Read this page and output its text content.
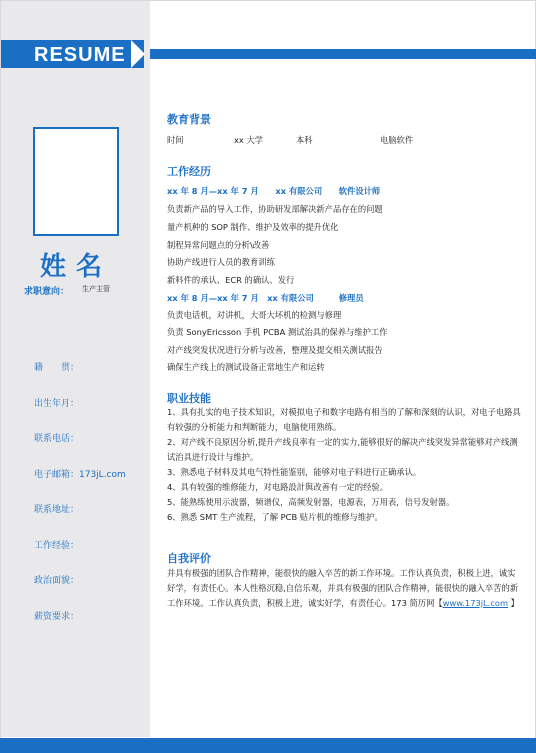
RESUME
姓名
求职意向： 生产主管
籍　　贯：
出生年月：
联系电话：
电子邮箱：173jL.com
联系地址：
工作经验：
政治面貌：
薪资要求：
教育背景
时间	xx 大学	本科	电脑软件
工作经历
xx 年 8 月—xx 年 7 月　　xx 有限公司　　软件设计师
负责新产品的导入工作，协助研发部解决新产品存在的问题
量产机种的 SOP 制作、维护及效率的提升优化
制程异常问题点的分析\改善
协助产线进行人员的教育训练
新料件的承认、ECR 的确认、发行
xx 年 8 月—xx 年 7 月　xx 有限公司　　　修理员
负责电话机，对讲机，大哥大坏机的检测与修理
负责 SonyEricsson 手机 PCBA 测试治具的保养与维护工作
对产线突发状况进行分析与改善，整理及提交相关测试报告
确保生产线上的测试设备正常地生产和运转
职业技能
1、具有扎实的电子技术知识，对模拟电子和数字电路有相当的了解和深刻的认识，对电子电路具有较强的分析能力和判断能力，电脑使用熟练。
2、对产线不良原因分析,提升产线良率有一定的实力,能够很好的解决产线突发异常能够对产线测试治具进行设计与维护。
3、熟悉电子材料及其电气特性能鉴别，能够对电子料进行正确承认。
4、具有较强的维修能力，对电路設計與改善有一定的经验。
5、能熟练使用示波器，频谱仪，高频发射器，电源表，万用表，信号发射器。
6、熟悉 SMT 生产流程，了解 PCB 贴片机的维修与维护。
自我评价
并具有极强的团队合作精神，能很快的融入卒苦的新工作环境。工作认真负责，积极上进，诚实好学，有责任心。本人性格沉稳,自信乐观，并具有极强的团队合作精神，能很快的融入卒苦的新工作环境。工作认真负责，积极上进，诚实好学，有责任心。173 简历网【www.173jL.com 】
